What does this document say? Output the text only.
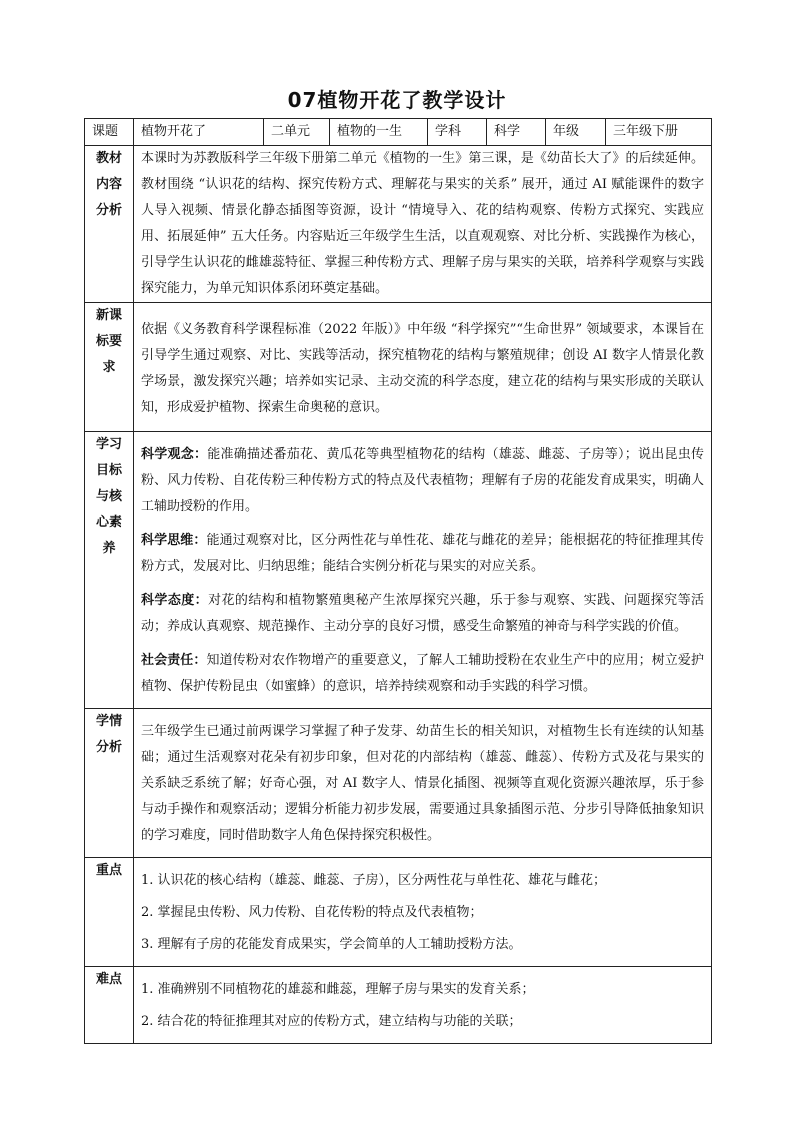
07植物开花了教学设计
课题	植物开花了	二单元	植物的一生	学科	科学	年级	三年级下册
教材内容分析	本课时为苏教版科学三年级下册第二单元《植物的一生》第三课，是《幼苗长大了》的后续延伸。教材围绕 “认识花的结构、探究传粉方式、理解花与果实的关系” 展开，通过 AI 赋能课件的数字人导入视频、情景化静态插图等资源，设计 “情境导入、花的结构观察、传粉方式探究、实践应用、拓展延伸” 五大任务。内容贴近三年级学生生活，以直观观察、对比分析、实践操作为核心，引导学生认识花的雌雄蕊特征、掌握三种传粉方式、理解子房与果实的关联，培养科学观察与实践探究能力，为单元知识体系闭环奠定基础。						

新课标要求	依据《义务教育科学课程标准（2022 年版）》中年级 “科学探究”“生命世界” 领域要求，本课旨在引导学生通过观察、对比、实践等活动，探究植物花的结构与繁殖规律；创设 AI 数字人情景化教学场景，激发探究兴趣；培养如实记录、主动交流的科学态度，建立花的结构与果实形成的关联认知，形成爱护植物、探索生命奥秘的意识。						

学习目标与核心素养	科学观念：能准确描述番茄花、黄瓜花等典型植物花的结构（雄蕊、雌蕊、子房等）；说出昆虫传粉、风力传粉、自花传粉三种传粉方式的特点及代表植物；理解有子房的花能发育成果实，明确人工辅助授粉的作用。
科学思维：能通过观察对比，区分两性花与单性花、雄花与雌花的差异；能根据花的特征推理其传粉方式，发展对比、归纳思维；能结合实例分析花与果实的对应关系。
科学态度：对花的结构和植物繁殖奥秘产生浓厚探究兴趣，乐于参与观察、实践、问题探究等活动；养成认真观察、规范操作、主动分享的良好习惯，感受生命繁殖的神奇与科学实践的价值。
社会责任：知道传粉对农作物增产的重要意义，了解人工辅助授粉在农业生产中的应用；树立爱护植物、保护传粉昆虫（如蜜蜂）的意识，培养持续观察和动手实践的科学习惯。						

学情分析	三年级学生已通过前两课学习掌握了种子发芽、幼苗生长的相关知识，对植物生长有连续的认知基础；通过生活观察对花朵有初步印象，但对花的内部结构（雄蕊、雌蕊）、传粉方式及花与果实的关系缺乏系统了解；好奇心强，对 AI 数字人、情景化插图、视频等直观化资源兴趣浓厚，乐于参与动手操作和观察活动；逻辑分析能力初步发展，需要通过具象插图示范、分步引导降低抽象知识的学习难度，同时借助数字人角色保持探究积极性。						

重点	1. 认识花的核心结构（雄蕊、雌蕊、子房），区分两性花与单性花、雄花与雌花；
2. 掌握昆虫传粉、风力传粉、自花传粉的特点及代表植物；
3. 理解有子房的花能发育成果实，学会简单的人工辅助授粉方法。						

难点	1. 准确辨别不同植物花的雄蕊和雌蕊，理解子房与果实的发育关系；
2. 结合花的特征推理其对应的传粉方式，建立结构与功能的关联；						
